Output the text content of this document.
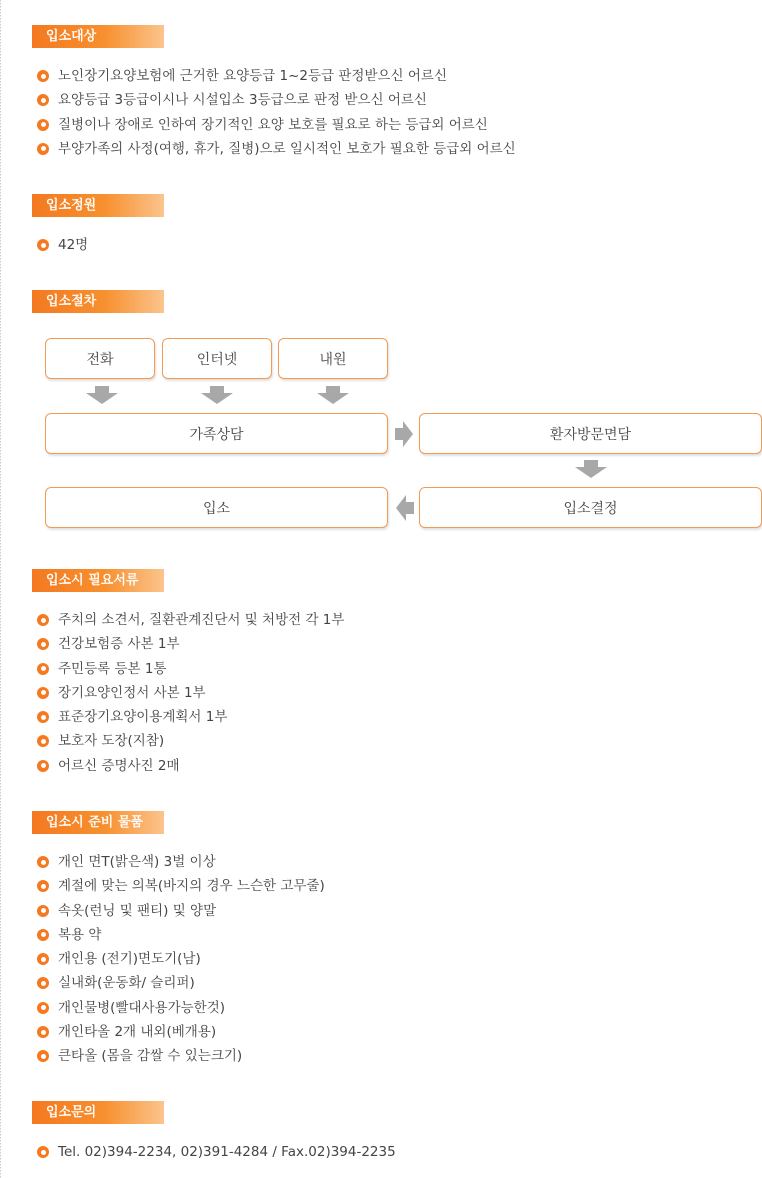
입소대상
노인장기요양보험에 근거한 요양등급 1~2등급 판정받으신 어르신
요양등급 3등급이시나 시설입소 3등급으로 판정 받으신 어르신
질병이나 장애로 인하여 장기적인 요양 보호를 필요로 하는 등급외 어르신
부양가족의 사정(여행, 휴가, 질병)으로 일시적인 보호가 필요한 등급외 어르신
입소정원
42명
입소절차
전화	인터넷	내원
가족상담	환자방문면담
입소	입소결정
입소시 필요서류
주치의 소견서, 질환관계진단서 및 처방전 각 1부
건강보험증 사본 1부
주민등록 등본 1통
장기요양인정서 사본 1부
표준장기요양이용계획서 1부
보호자 도장(지참)
어르신 증명사진 2매
입소시 준비 물품
개인 면T(밝은색) 3벌 이상
계절에 맞는 의복(바지의 경우 느슨한 고무줄)
속옷(런닝 및 팬티) 및 양말
복용 약
개인용 (전기)면도기(남)
실내화(운동화/ 슬리퍼)
개인물병(빨대사용가능한것)
개인타올 2개 내외(베개용)
큰타올 (몸을 감쌀 수 있는크기)
입소문의
Tel. 02)394-2234, 02)391-4284 / Fax.02)394-2235
